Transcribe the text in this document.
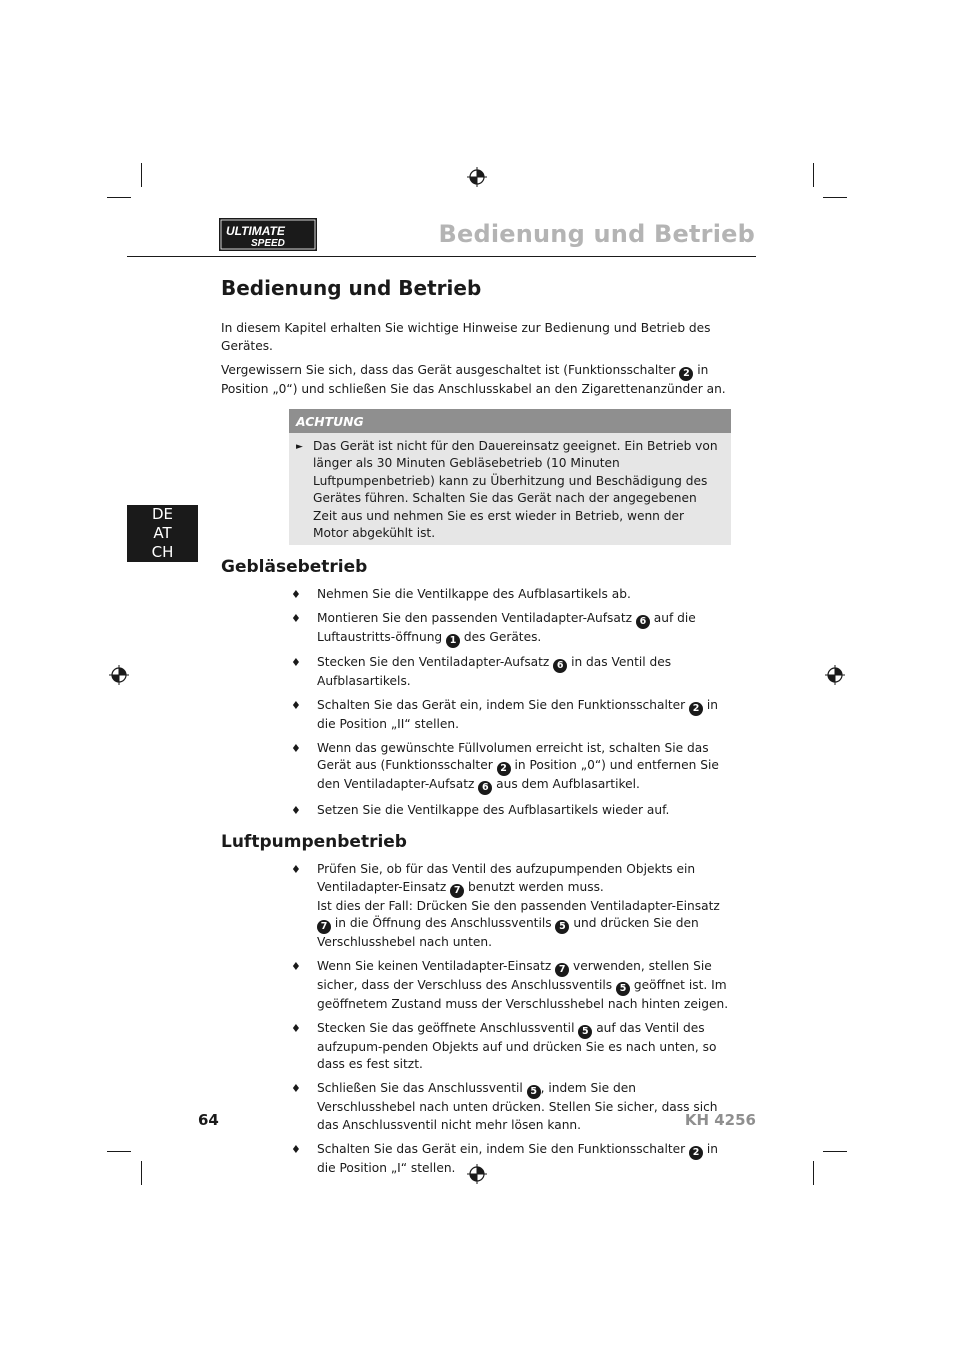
ULTIMATE
SPEED	Bedienung und Betrieb
DE
AT
CH
Bedienung und Betrieb

In diesem Kapitel erhalten Sie wichtige Hinweise zur Bedienung und Betrieb des Gerätes.

Vergewissern Sie sich, dass das Gerät ausgeschaltet ist (Funktionsschalter 2 in Position „0“) und schließen Sie das Anschlusskabel an den Zigarettenanzünder an.

ACHTUNG
► Das Gerät ist nicht für den Dauereinsatz geeignet. Ein Betrieb von länger als 30 Minuten Gebläsebetrieb (10 Minuten Luftpumpenbetrieb) kann zu Überhitzung und Beschädigung des Gerätes führen. Schalten Sie das Gerät nach der angegebenen Zeit aus und nehmen Sie es erst wieder in Betrieb, wenn der Motor abgekühlt ist.
Gebläsebetrieb
♦ Nehmen Sie die Ventilkappe des Aufblasartikels ab.
♦ Montieren Sie den passenden Ventiladapter-Aufsatz 6 auf die Luftaustritts-öffnung 1 des Gerätes.
♦ Stecken Sie den Ventiladapter-Aufsatz 6 in das Ventil des Aufblasartikels.
♦ Schalten Sie das Gerät ein, indem Sie den Funktionsschalter 2 in die Position „II“ stellen.
♦ Wenn das gewünschte Füllvolumen erreicht ist, schalten Sie das Gerät aus (Funktionsschalter 2 in Position „0“) und entfernen Sie den Ventiladapter-Aufsatz 6 aus dem Aufblasartikel.
♦ Setzen Sie die Ventilkappe des Aufblasartikels wieder auf.
Luftpumpenbetrieb
♦ Prüfen Sie, ob für das Ventil des aufzupumpenden Objekts ein Ventiladapter-Einsatz 7 benutzt werden muss.
Ist dies der Fall: Drücken Sie den passenden Ventiladapter-Einsatz 7 in die Öffnung des Anschlussventils 5 und drücken Sie den Verschlusshebel nach unten.
♦ Wenn Sie keinen Ventiladapter-Einsatz 7 verwenden, stellen Sie sicher, dass der Verschluss des Anschlussventils 5 geöffnet ist. Im geöffnetem Zustand muss der Verschlusshebel nach hinten zeigen.
♦ Stecken Sie das geöffnete Anschlussventil 5 auf das Ventil des aufzupum-penden Objekts auf und drücken Sie es nach unten, so dass es fest sitzt.
♦ Schließen Sie das Anschlussventil 5 , indem Sie den Verschlusshebel nach unten drücken. Stellen Sie sicher, dass sich das Anschlussventil nicht mehr lösen kann.
♦ Schalten Sie das Gerät ein, indem Sie den Funktionsschalter 2 in die Position „I“ stellen.
64	KH 4256
